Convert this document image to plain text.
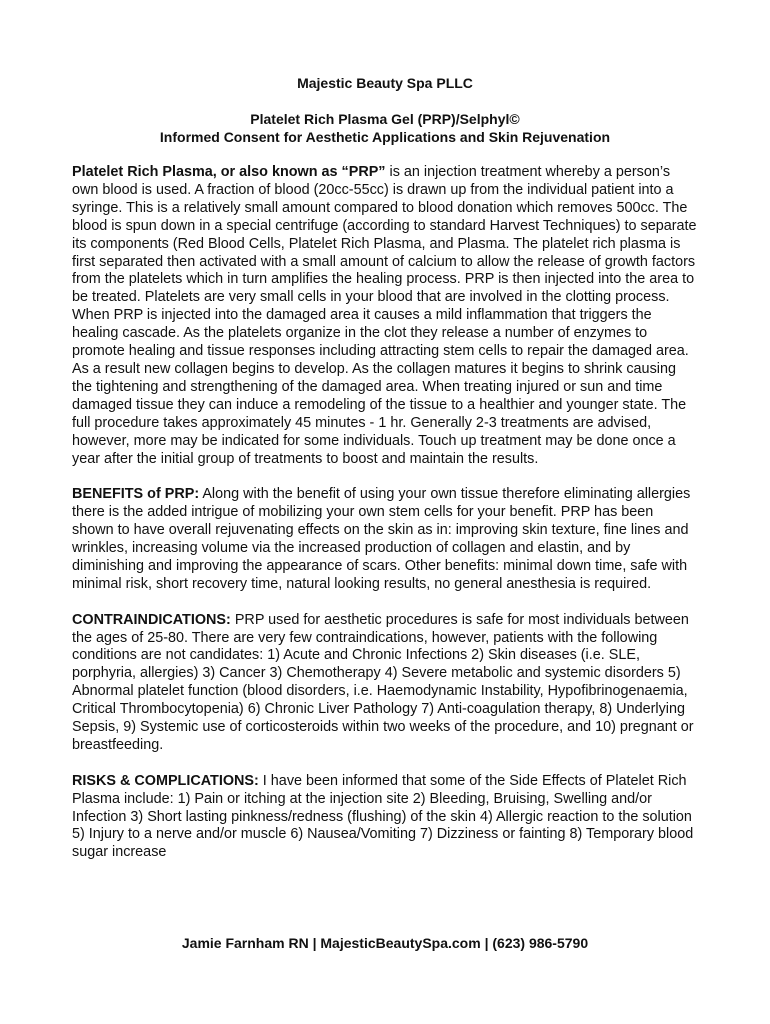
Majestic Beauty Spa PLLC
Platelet Rich Plasma Gel (PRP)/Selphyl©
Informed Consent for Aesthetic Applications and Skin Rejuvenation

Platelet Rich Plasma, or also known as “PRP” is an injection treatment whereby a person’s own blood is used. A fraction of blood (20cc-55cc) is drawn up from the individual patient into a syringe. This is a relatively small amount compared to blood donation which removes 500cc. The blood is spun down in a special centrifuge (according to standard Harvest Techniques) to separate its components (Red Blood Cells, Platelet Rich Plasma, and Plasma. The platelet rich plasma is first separated then activated with a small amount of calcium to allow the release of growth factors from the platelets which in turn amplifies the healing process. PRP is then injected into the area to be treated. Platelets are very small cells in your blood that are involved in the clotting process. When PRP is injected into the damaged area it causes a mild inflammation that triggers the healing cascade. As the platelets organize in the clot they release a number of enzymes to promote healing and tissue responses including attracting stem cells to repair the damaged area. As a result new collagen begins to develop. As the collagen matures it begins to shrink causing the tightening and strengthening of the damaged area. When treating injured or sun and time damaged tissue they can induce a remodeling of the tissue to a healthier and younger state. The full procedure takes approximately 45 minutes - 1 hr. Generally 2-3 treatments are advised, however, more may be indicated for some individuals. Touch up treatment may be done once a year after the initial group of treatments to boost and maintain the results.

BENEFITS of PRP: Along with the benefit of using your own tissue therefore eliminating allergies there is the added intrigue of mobilizing your own stem cells for your benefit. PRP has been shown to have overall rejuvenating effects on the skin as in: improving skin texture, fine lines and wrinkles, increasing volume via the increased production of collagen and elastin, and by diminishing and improving the appearance of scars. Other benefits: minimal down time, safe with minimal risk, short recovery time, natural looking results, no general anesthesia is required.

CONTRAINDICATIONS: PRP used for aesthetic procedures is safe for most individuals between the ages of 25-80. There are very few contraindications, however, patients with the following conditions are not candidates: 1) Acute and Chronic Infections 2) Skin diseases (i.e. SLE, porphyria, allergies) 3) Cancer 3) Chemotherapy 4) Severe metabolic and systemic disorders 5) Abnormal platelet function (blood disorders, i.e. Haemodynamic Instability, Hypofibrinogenaemia, Critical Thrombocytopenia) 6) Chronic Liver Pathology 7) Anti-coagulation therapy, 8) Underlying Sepsis, 9) Systemic use of corticosteroids within two weeks of the procedure, and 10) pregnant or breastfeeding.

RISKS & COMPLICATIONS: I have been informed that some of the Side Effects of Platelet Rich Plasma include: 1) Pain or itching at the injection site 2) Bleeding, Bruising, Swelling and/or Infection 3) Short lasting pinkness/redness (flushing) of the skin 4) Allergic reaction to the solution 5) Injury to a nerve and/or muscle 6) Nausea/Vomiting 7) Dizziness or fainting 8) Temporary blood sugar increase

Jamie Farnham RN | MajesticBeautySpa.com | (623) 986-5790
